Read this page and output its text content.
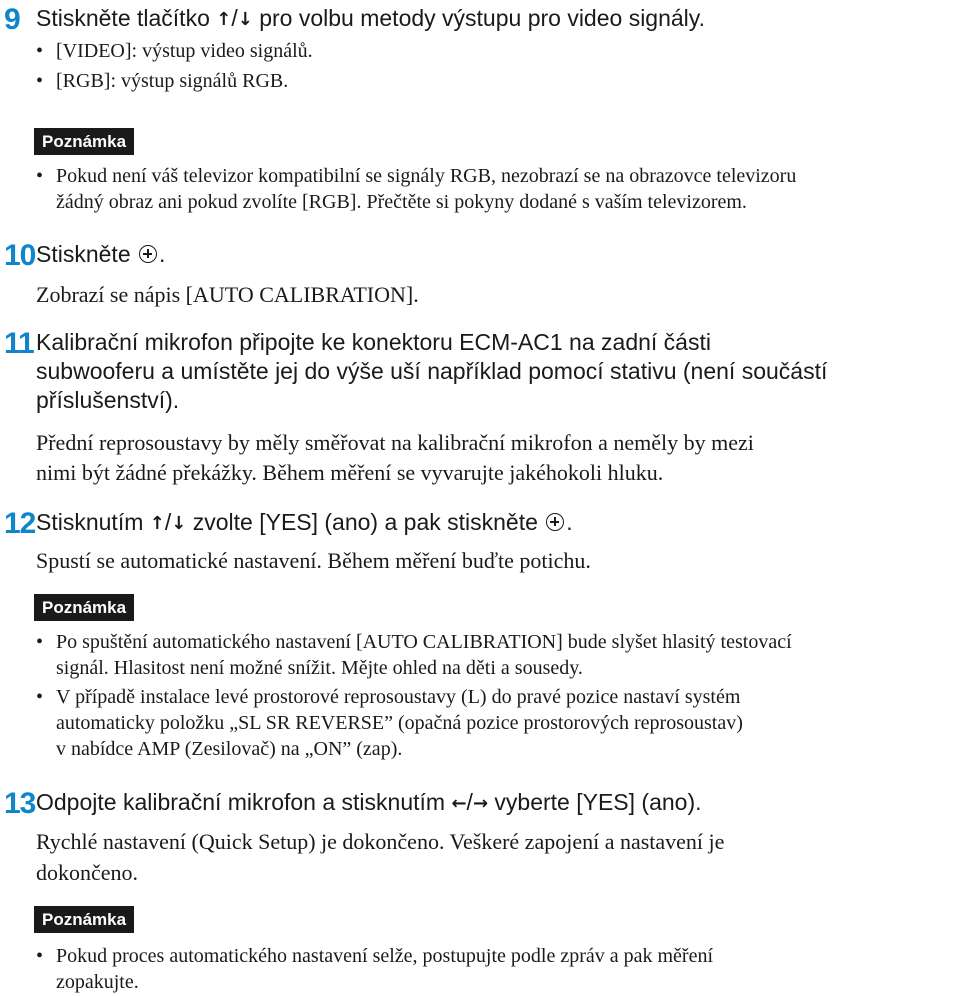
9 Stiskněte tlačítko ↑/↓ pro volbu metody výstupu pro video signály.
• [VIDEO]: výstup video signálů.
• [RGB]: výstup signálů RGB.
Poznámka
• Pokud není váš televizor kompatibilní se signály RGB, nezobrazí se na obrazovce televizoru
žádný obraz ani pokud zvolíte [RGB]. Přečtěte si pokyny dodané s vaším televizorem.
10 Stiskněte .
Zobrazí se nápis [AUTO CALIBRATION].
11 Kalibrační mikrofon připojte ke konektoru ECM-AC1 na zadní části
subwooferu a umístěte jej do výše uší například pomocí stativu (není součástí
příslušenství).
Přední reprosoustavy by měly směřovat na kalibrační mikrofon a neměly by mezi
nimi být žádné překážky. Během měření se vyvarujte jakéhokoli hluku.
12 Stisknutím ↑/↓ zvolte [YES] (ano) a pak stiskněte .
Spustí se automatické nastavení. Během měření buďte potichu.
Poznámka
• Po spuštění automatického nastavení [AUTO CALIBRATION] bude slyšet hlasitý testovací
signál. Hlasitost není možné snížit. Mějte ohled na děti a sousedy.
• V případě instalace levé prostorové reprosoustavy (L) do pravé pozice nastaví systém
automaticky položku „SL SR REVERSE” (opačná pozice prostorových reprosoustav)
v nabídce AMP (Zesilovač) na „ON” (zap).
13 Odpojte kalibrační mikrofon a stisknutím ←/→ vyberte [YES] (ano).
Rychlé nastavení (Quick Setup) je dokončeno. Veškeré zapojení a nastavení je
dokončeno.
Poznámka
• Pokud proces automatického nastavení selže, postupujte podle zpráv a pak měření
zopakujte.
